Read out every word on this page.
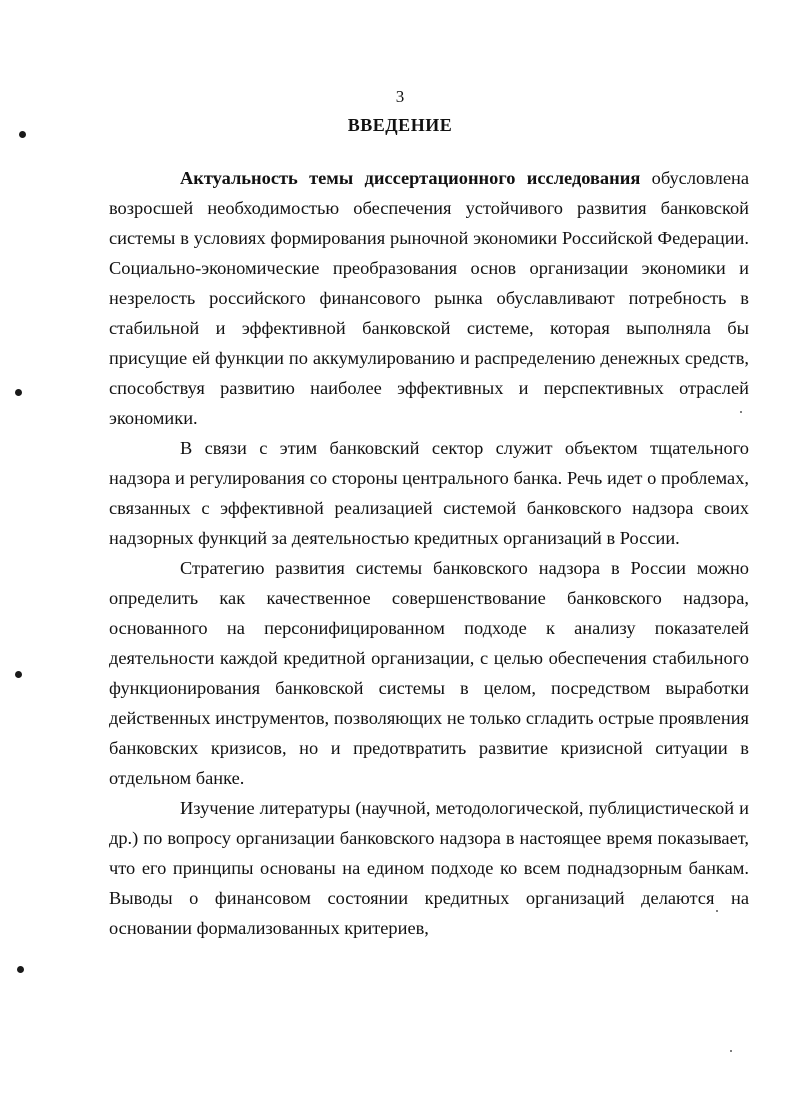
3
ВВЕДЕНИЕ

Актуальность темы диссертационного исследования обусловлена возросшей необходимостью обеспечения устойчивого развития банковской системы в условиях формирования рыночной экономики Российской Федерации. Социально-экономические преобразования основ организации экономики и незрелость российского финансового рынка обуславливают потребность в стабильной и эффективной банковской системе, которая выполняла бы присущие ей функции по аккумулированию и распределению денежных средств, способствуя развитию наиболее эффективных и перспективных отраслей экономики.

В связи с этим банковский сектор служит объектом тщательного надзора и регулирования со стороны центрального банка. Речь идет о проблемах, связанных с эффективной реализацией системой банковского надзора своих надзорных функций за деятельностью кредитных организаций в России.

Стратегию развития системы банковского надзора в России можно определить как качественное совершенствование банковского надзора, основанного на персонифицированном подходе к анализу показателей деятельности каждой кредитной организации, с целью обеспечения стабильного функционирования банковской системы в целом, посредством выработки действенных инструментов, позволяющих не только сгладить острые проявления банковских кризисов, но и предотвратить развитие кризисной ситуации в отдельном банке.

Изучение литературы (научной, методологической, публицистической и др.) по вопросу организации банковского надзора в настоящее время показывает, что его принципы основаны на едином подходе ко всем поднадзорным банкам. Выводы о финансовом состоянии кредитных организаций делаются на основании формализованных критериев,
